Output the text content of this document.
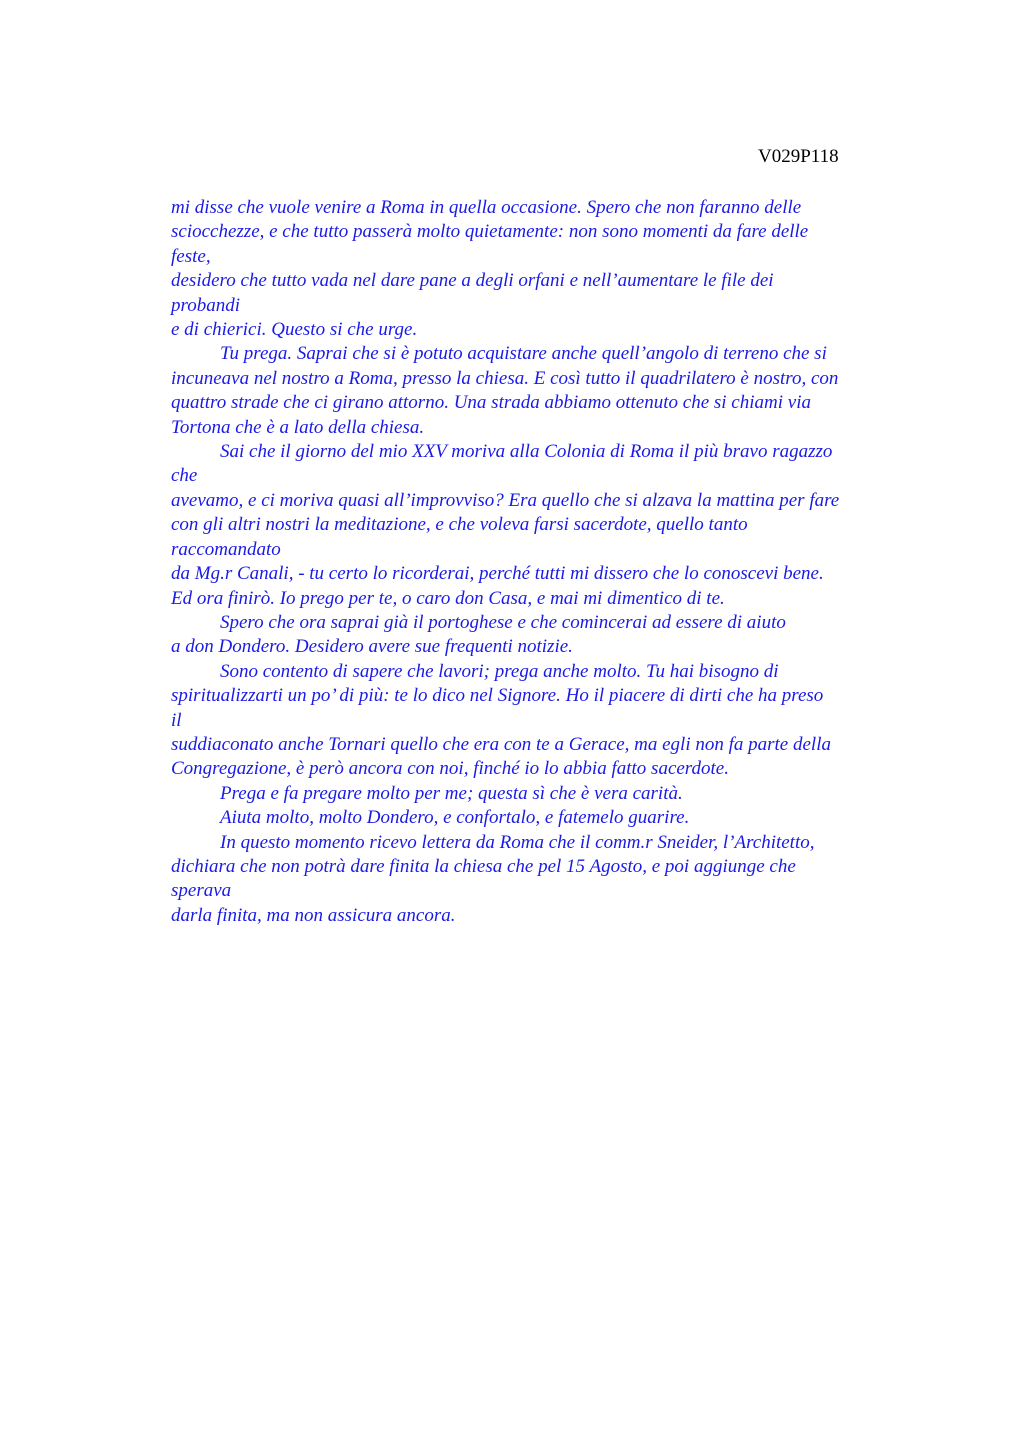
V029P118
mi disse che vuole venire a Roma in quella occasione. Spero che non faranno delle
sciocchezze, e che tutto passerà molto quietamente: non sono momenti da fare delle
feste,
desidero che tutto vada nel dare pane a degli orfani e nell’aumentare le file dei
probandi
e di chierici. Questo si che urge.
Tu prega. Saprai che si è potuto acquistare anche quell’angolo di terreno che si
incuneava nel nostro a Roma, presso la chiesa. E così tutto il quadrilatero è nostro, con
quattro strade che ci girano attorno. Una strada abbiamo ottenuto che si chiami via
Tortona che è a lato della chiesa.
Sai che il giorno del mio XXV moriva alla Colonia di Roma il più bravo ragazzo
che
avevamo, e ci moriva quasi all’improvviso? Era quello che si alzava la mattina per fare
con gli altri nostri la meditazione, e che voleva farsi sacerdote, quello tanto
raccomandato
da Mg.r Canali, - tu certo lo ricorderai, perché tutti mi dissero che lo conoscevi bene.
Ed ora finirò. Io prego per te, o caro don Casa, e mai mi dimentico di te.
Spero che ora saprai già il portoghese e che comincerai ad essere di aiuto
a don Dondero. Desidero avere sue frequenti notizie.
Sono contento di sapere che lavori; prega anche molto. Tu hai bisogno di
spiritualizzarti un po’ di più: te lo dico nel Signore. Ho il piacere di dirti che ha preso
il
suddiaconato anche Tornari quello che era con te a Gerace, ma egli non fa parte della
Congregazione, è però ancora con noi, finché io lo abbia fatto sacerdote.
Prega e fa pregare molto per me; questa sì che è vera carità.
Aiuta molto, molto Dondero, e confortalo, e fatemelo guarire.
In questo momento ricevo lettera da Roma che il comm.r Sneider, l’Architetto,
dichiara che non potrà dare finita la chiesa che pel 15 Agosto, e poi aggiunge che
sperava
darla finita, ma non assicura ancora.
